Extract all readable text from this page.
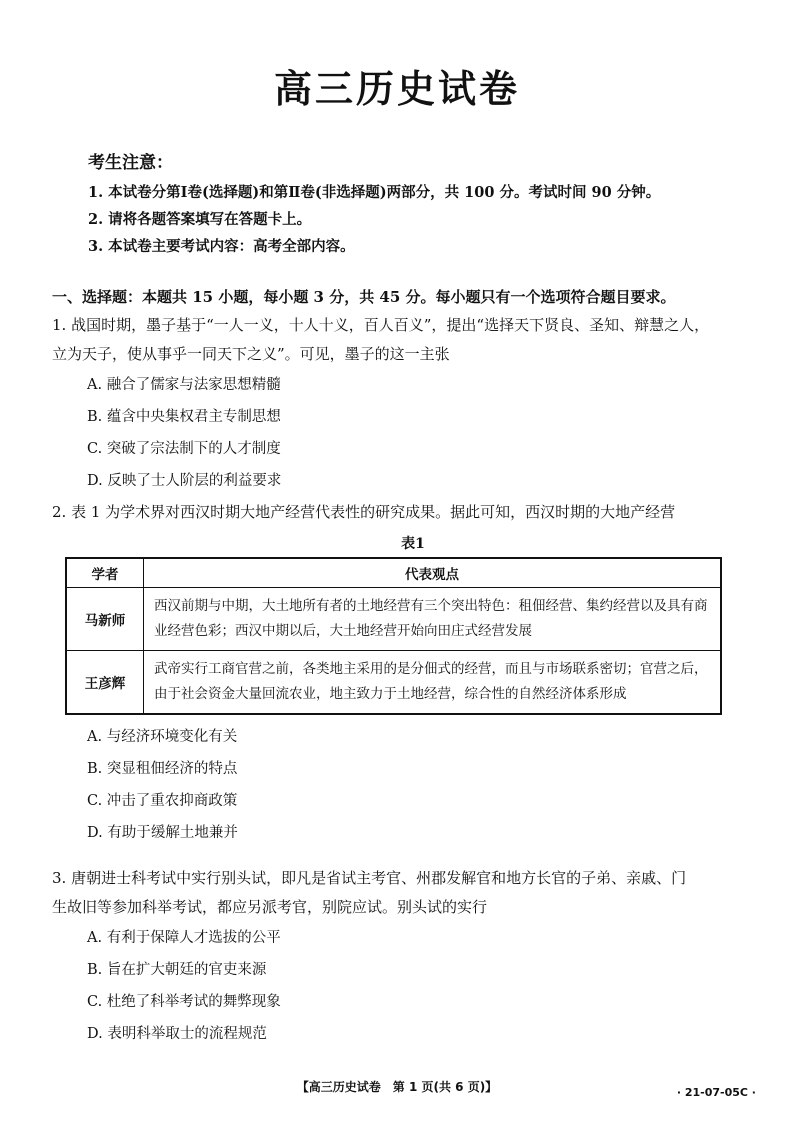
高三历史试卷
考生注意：
1. 本试卷分第Ⅰ卷(选择题)和第Ⅱ卷(非选择题)两部分，共 100 分。考试时间 90 分钟。
2. 请将各题答案填写在答题卡上。
3. 本试卷主要考试内容：高考全部内容。
一、选择题：本题共 15 小题，每小题 3 分，共 45 分。每小题只有一个选项符合题目要求。
1. 战国时期，墨子基于“一人一义，十人十义，百人百义”，提出“选择天下贤良、圣知、辩慧之人，
立为天子，使从事乎一同天下之义”。可见，墨子的这一主张
A. 融合了儒家与法家思想精髓
B. 蕴含中央集权君主专制思想
C. 突破了宗法制下的人才制度
D. 反映了士人阶层的利益要求
2. 表 1 为学术界对西汉时期大地产经营代表性的研究成果。据此可知，西汉时期的大地产经营
表1
学者	代表观点
马新师	西汉前期与中期，大土地所有者的土地经营有三个突出特色：租佃经营、集约经营以及具有商业经营色彩；西汉中期以后，大土地经营开始向田庄式经营发展
王彦辉	武帝实行工商官营之前，各类地主采用的是分佃式的经营，而且与市场联系密切；官营之后，由于社会资金大量回流农业，地主致力于土地经营，综合性的自然经济体系形成
A. 与经济环境变化有关
B. 突显租佃经济的特点
C. 冲击了重农抑商政策
D. 有助于缓解土地兼并
3. 唐朝进士科考试中实行别头试，即凡是省试主考官、州郡发解官和地方长官的子弟、亲戚、门
生故旧等参加科举考试，都应另派考官，别院应试。别头试的实行
A. 有利于保障人才选拔的公平
B. 旨在扩大朝廷的官吏来源
C. 杜绝了科举考试的舞弊现象
D. 表明科举取士的流程规范
【高三历史试卷　第 1 页(共 6 页)】	· 21-07-05C ·
